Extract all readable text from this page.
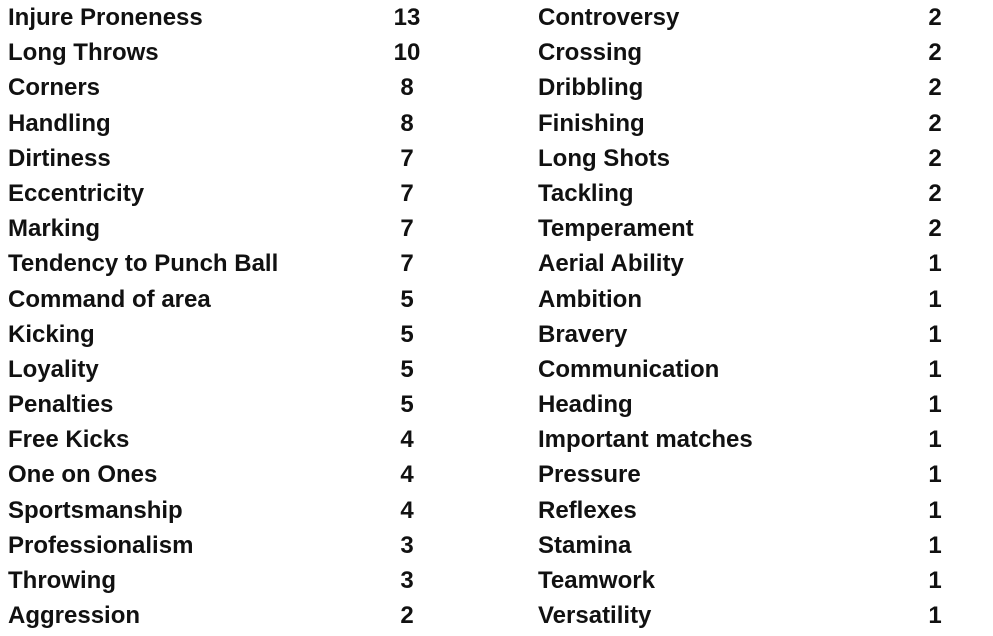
Injure Proneness	13
Long Throws	10
Corners	8
Handling	8
Dirtiness	7
Eccentricity	7
Marking	7
Tendency to Punch Ball	7
Command of area	5
Kicking	5
Loyality	5
Penalties	5
Free Kicks	4
One on Ones	4
Sportsmanship	4
Professionalism	3
Throwing	3
Aggression	2
Controversy	2
Crossing	2
Dribbling	2
Finishing	2
Long Shots	2
Tackling	2
Temperament	2
Aerial Ability	1
Ambition	1
Bravery	1
Communication	1
Heading	1
Important matches	1
Pressure	1
Reflexes	1
Stamina	1
Teamwork	1
Versatility	1
